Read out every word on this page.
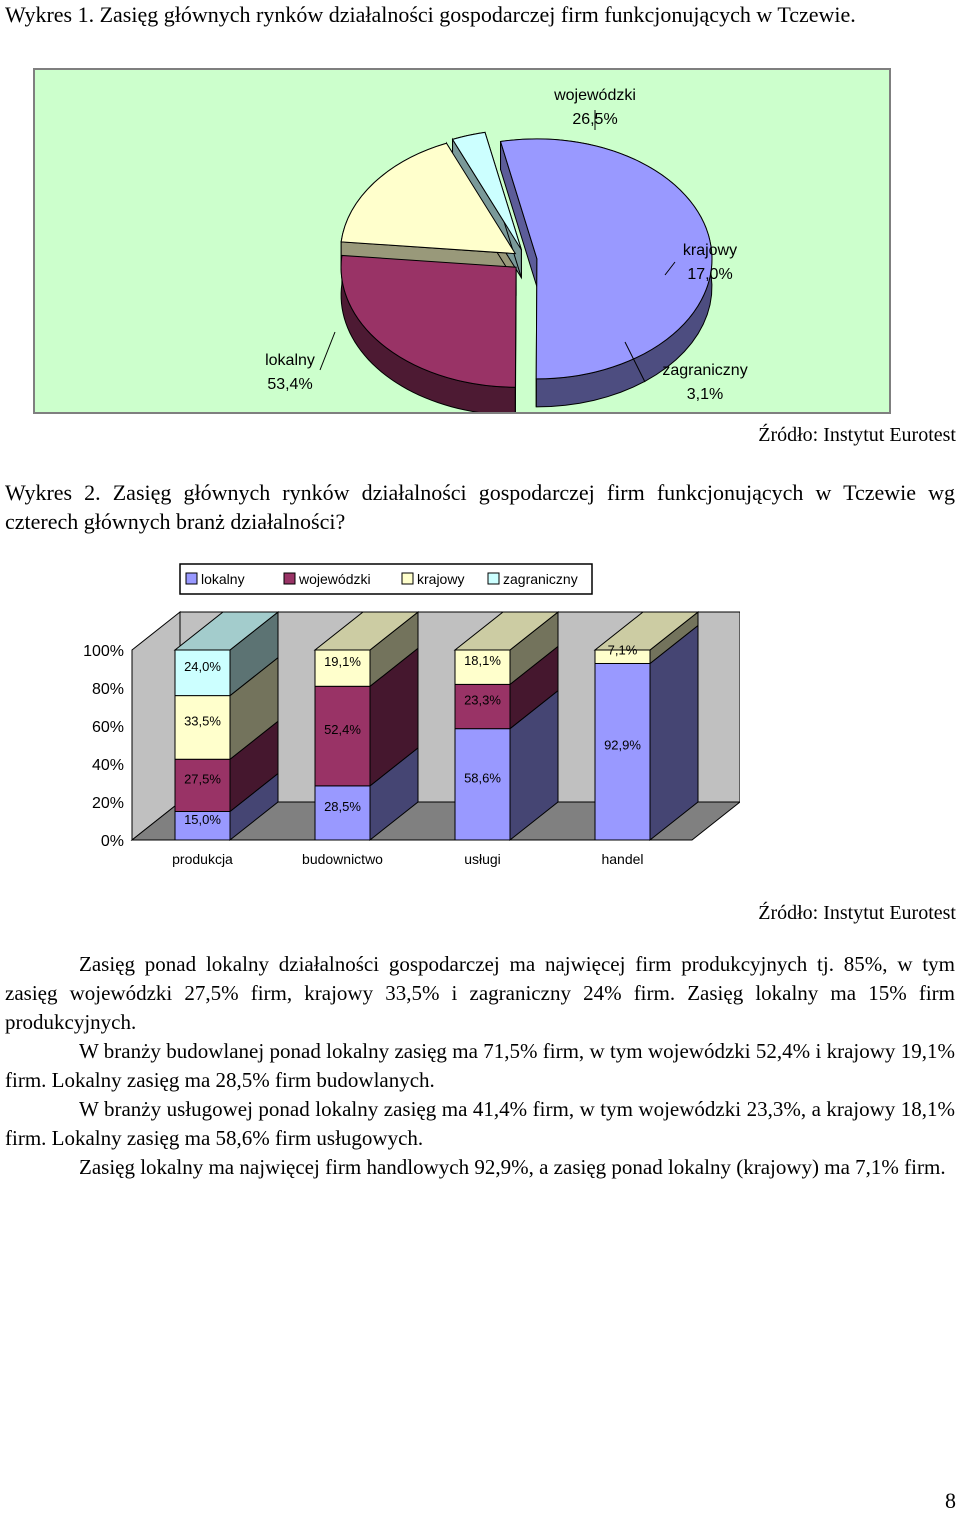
Wykres 1. Zasięg głównych rynków działalności gospodarczej firm funkcjonujących w Tczewie.
lokalny
53,4%
wojewódzki
26,5%
krajowy
17,0%
zagraniczny
3,1%
Źródło: Instytut Eurotest
Wykres 2. Zasięg głównych rynków działalności gospodarczej firm funkcjonujących w Tczewie wg czterech głównych branż działalności?
lokalny	wojewódzki	krajowy	zagraniczny
0%
20%
40%
60%
80%
100%
15,0%
27,5%
33,5%
24,0%
produkcja
28,5%
52,4%
19,1%
budownictwo
58,6%
23,3%
18,1%
usługi
92,9%
7,1%
handel
Źródło: Instytut Eurotest

Zasięg ponad lokalny działalności gospodarczej ma najwięcej firm produkcyjnych tj. 85%, w tym zasięg wojewódzki 27,5% firm, krajowy 33,5% i zagraniczny 24% firm. Zasięg lokalny ma 15% firm produkcyjnych.

W branży budowlanej ponad lokalny zasięg ma 71,5% firm, w tym wojewódzki 52,4% i krajowy 19,1% firm. Lokalny zasięg ma 28,5% firm budowlanych.

W branży usługowej ponad lokalny zasięg ma 41,4% firm, w tym wojewódzki 23,3%, a krajowy 18,1% firm. Lokalny zasięg ma 58,6% firm usługowych.

Zasięg lokalny ma najwięcej firm handlowych 92,9%, a zasięg ponad lokalny (krajowy) ma 7,1% firm.

8
